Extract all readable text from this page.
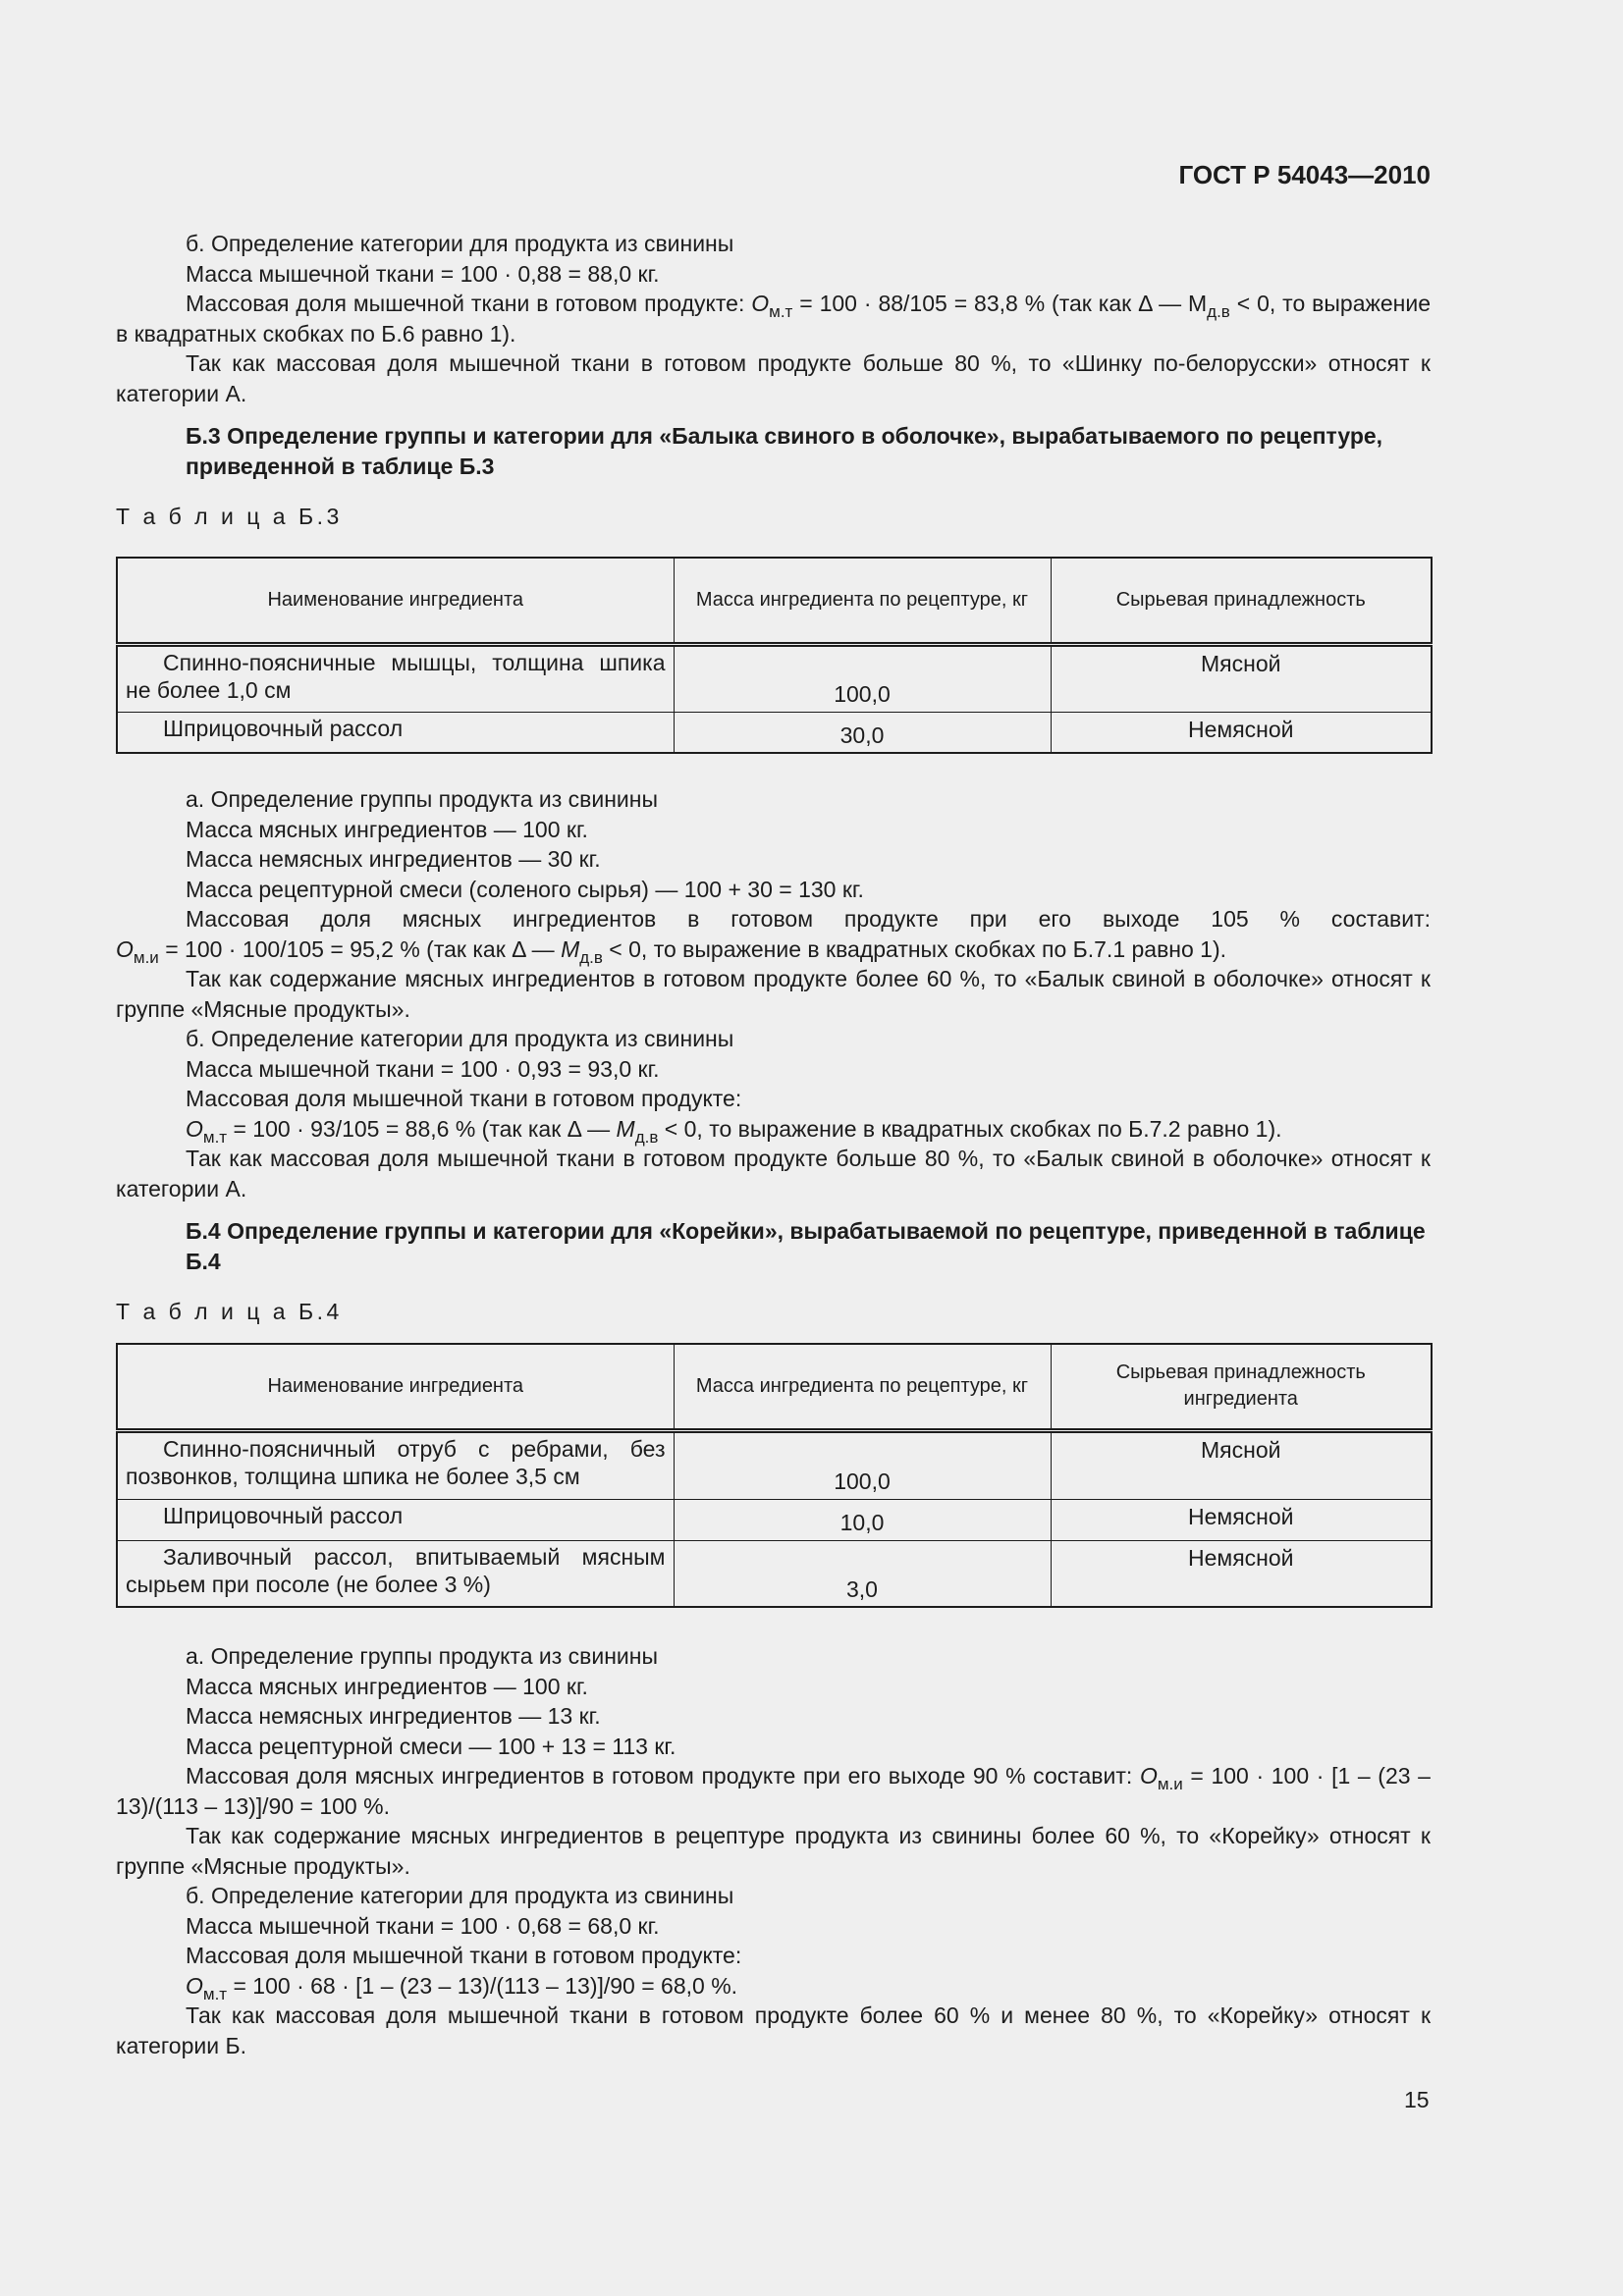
ГОСТ Р 54043—2010

б. Определение категории для продукта из свинины

Масса мышечной ткани = 100 · 0,88 = 88,0 кг.

Массовая доля мышечной ткани в готовом продукте: $О_{м.т} = 100 \cdot 88/105 = 83,8$ % (так как Δ — $М_{д.в} < 0$, то выражение в квадратных скобках по Б.6 равно 1).

Так как массовая доля мышечной ткани в готовом продукте больше 80 %, то «Шинку по-белорусски» относят к категории А.

Б.3 Определение группы и категории для «Балыка свиного в оболочке», вырабатываемого по рецептуре, приведенной в таблице Б.3

Т а б л и ц а Б.3

Наименование ингредиента	Масса ингредиента по рецептуре, кг	Сырьевая принадлежность
Спинно-поясничные мышцы, толщина шпика не более 1,0 см	100,0	Мясной
Шприцовочный рассол	30,0	Немясной

а. Определение группы продукта из свинины

Масса мясных ингредиентов — 100 кг.

Масса немясных ингредиентов — 30 кг.

Масса рецептурной смеси (соленого сырья) — 100 + 30 = 130 кг.

Массовая доля мясных ингредиентов в готовом продукте при его выходе 105 % составит:

$О_{м.и} = 100 \cdot 100/105 = 95,2$ % (так как Δ — $М_{д.в} < 0$, то выражение в квадратных скобках по Б.7.1 равно 1).

Так как содержание мясных ингредиентов в готовом продукте более 60 %, то «Балык свиной в оболочке» относят к группе «Мясные продукты».

б. Определение категории для продукта из свинины

Масса мышечной ткани = 100 · 0,93 = 93,0 кг.

Массовая доля мышечной ткани в готовом продукте:

$О_{м.т} = 100 \cdot 93/105 = 88,6$ % (так как Δ — $М_{д.в} < 0$, то выражение в квадратных скобках по Б.7.2 равно 1).

Так как массовая доля мышечной ткани в готовом продукте больше 80 %, то «Балык свиной в оболочке» относят к категории А.

Б.4 Определение группы и категории для «Корейки», вырабатываемой по рецептуре, приведенной в таблице Б.4

Т а б л и ц а Б.4

Наименование ингредиента	Масса ингредиента по рецептуре, кг	Сырьевая принадлежность ингредиента
Спинно-поясничный отруб с ребрами, без позвонков, толщина шпика не более 3,5 см	100,0	Мясной
Шприцовочный рассол	10,0	Немясной
Заливочный рассол, впитываемый мясным сырьем при посоле (не более 3 %)	3,0	Немясной

а. Определение группы продукта из свинины

Масса мясных ингредиентов — 100 кг.

Масса немясных ингредиентов — 13 кг.

Масса рецептурной смеси — 100 + 13 = 113 кг.

Массовая доля мясных ингредиентов в готовом продукте при его выходе 90 % составит: $О_{м.и} = 100 \cdot 100 \cdot [1 - (23 - 13)/(113 - 13)]/90 = 100$ %.

Так как содержание мясных ингредиентов в рецептуре продукта из свинины более 60 %, то «Корейку» относят к группе «Мясные продукты».

б. Определение категории для продукта из свинины

Масса мышечной ткани = 100 · 0,68 = 68,0 кг.

Массовая доля мышечной ткани в готовом продукте:

$О_{м.т} = 100 \cdot 68 \cdot [1 - (23 - 13)/(113 - 13)]/90 = 68,0$ %.

Так как массовая доля мышечной ткани в готовом продукте более 60 % и менее 80 %, то «Корейку» относят к категории Б.

15
